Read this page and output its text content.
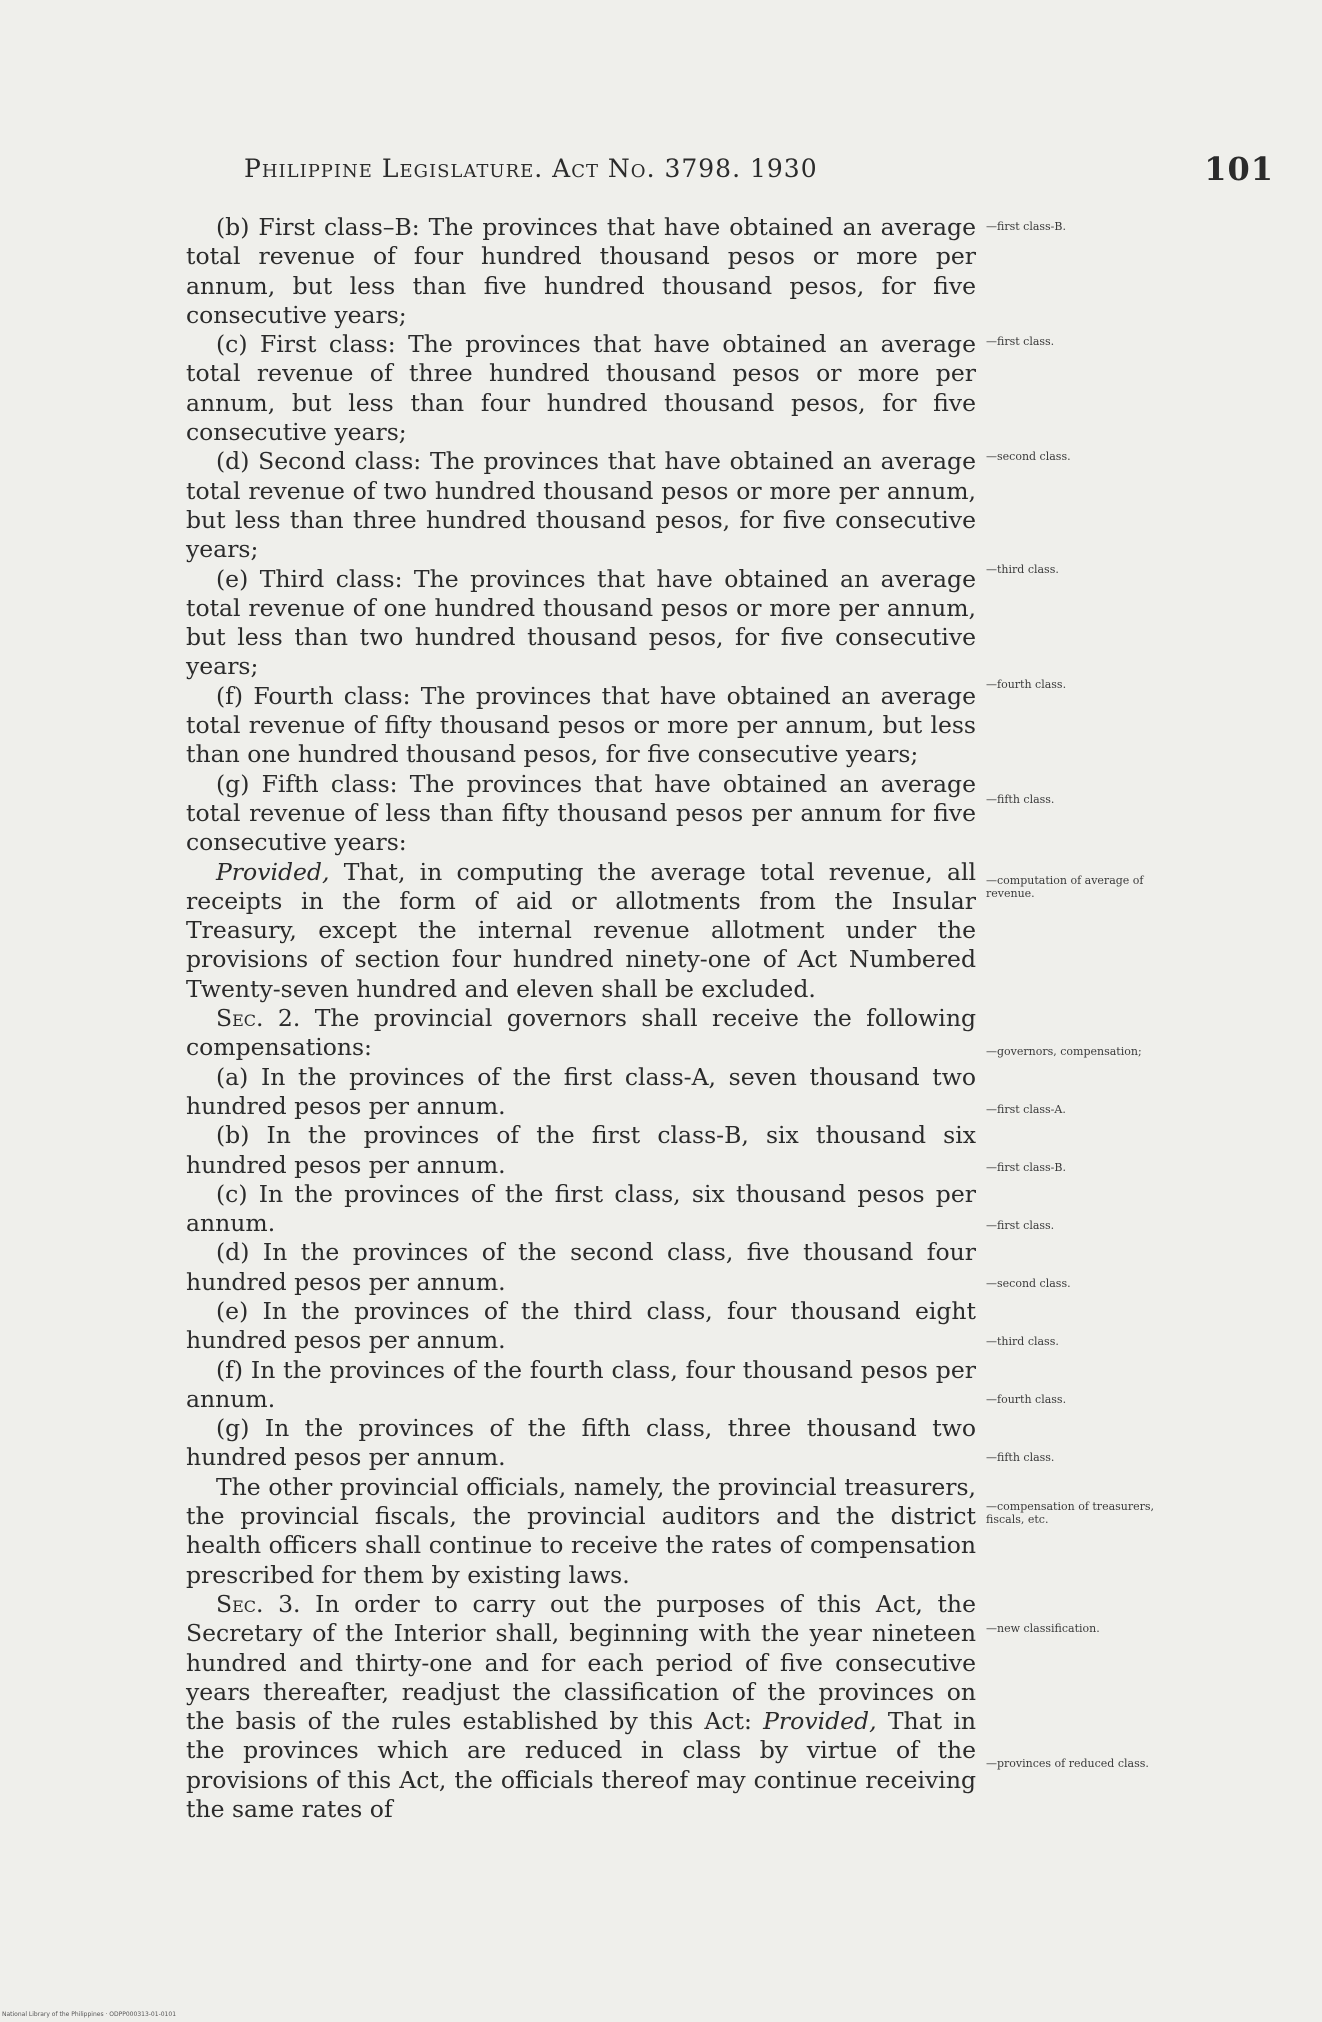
Philippine Legislature. Act No. 3798. 1930	101

(b) First class–B: The provinces that have obtained an average total revenue of four hundred thousand pesos or more per annum, but less than five hundred thousand pesos, for five consecutive years;

(c) First class: The provinces that have obtained an average total revenue of three hundred thousand pesos or more per annum, but less than four hundred thousand pesos, for five consecutive years;

(d) Second class: The provinces that have obtained an average total revenue of two hundred thousand pesos or more per annum, but less than three hundred thousand pesos, for five consecutive years;

(e) Third class: The provinces that have obtained an average total revenue of one hundred thousand pesos or more per annum, but less than two hundred thousand pesos, for five consecutive years;

(f) Fourth class: The provinces that have obtained an average total revenue of fifty thousand pesos or more per annum, but less than one hundred thousand pesos, for five consecutive years;

(g) Fifth class: The provinces that have obtained an average total revenue of less than fifty thousand pesos per annum for five consecutive years:

Provided, That, in computing the average total revenue, all receipts in the form of aid or allotments from the Insular Treasury, except the internal revenue allotment under the provisions of section four hundred ninety-one of Act Numbered Twenty-seven hundred and eleven shall be excluded.

Sec. 2. The provincial governors shall receive the following compensations:

(a) In the provinces of the first class-A, seven thousand two hundred pesos per annum.

(b) In the provinces of the first class-B, six thousand six hundred pesos per annum.

(c) In the provinces of the first class, six thousand pesos per annum.

(d) In the provinces of the second class, five thousand four hundred pesos per annum.

(e) In the provinces of the third class, four thousand eight hundred pesos per annum.

(f) In the provinces of the fourth class, four thousand pesos per annum.

(g) In the provinces of the fifth class, three thousand two hundred pesos per annum.

The other provincial officials, namely, the provincial treasurers, the provincial fiscals, the provincial auditors and the district health officers shall continue to receive the rates of compensation prescribed for them by existing laws.

Sec. 3. In order to carry out the purposes of this Act, the Secretary of the Interior shall, beginning with the year nineteen hundred and thirty-one and for each period of five consecutive years thereafter, readjust the classification of the provinces on the basis of the rules established by this Act: Provided, That in the provinces which are reduced in class by virtue of the provisions of this Act, the officials thereof may continue receiving the same rates of

—first class-B.
—first class.
—second class.
—third class.
—fourth class.
—fifth class.
—computation of average of revenue.
—governors, compensation;
—first class-A.
—first class-B.
—first class.
—second class.
—third class.
—fourth class.
—fifth class.
—compensation of treasurers, fiscals, etc.
—new classification.
—provinces of reduced class.
National Library of the Philippines · ODPP000313-01-0101
